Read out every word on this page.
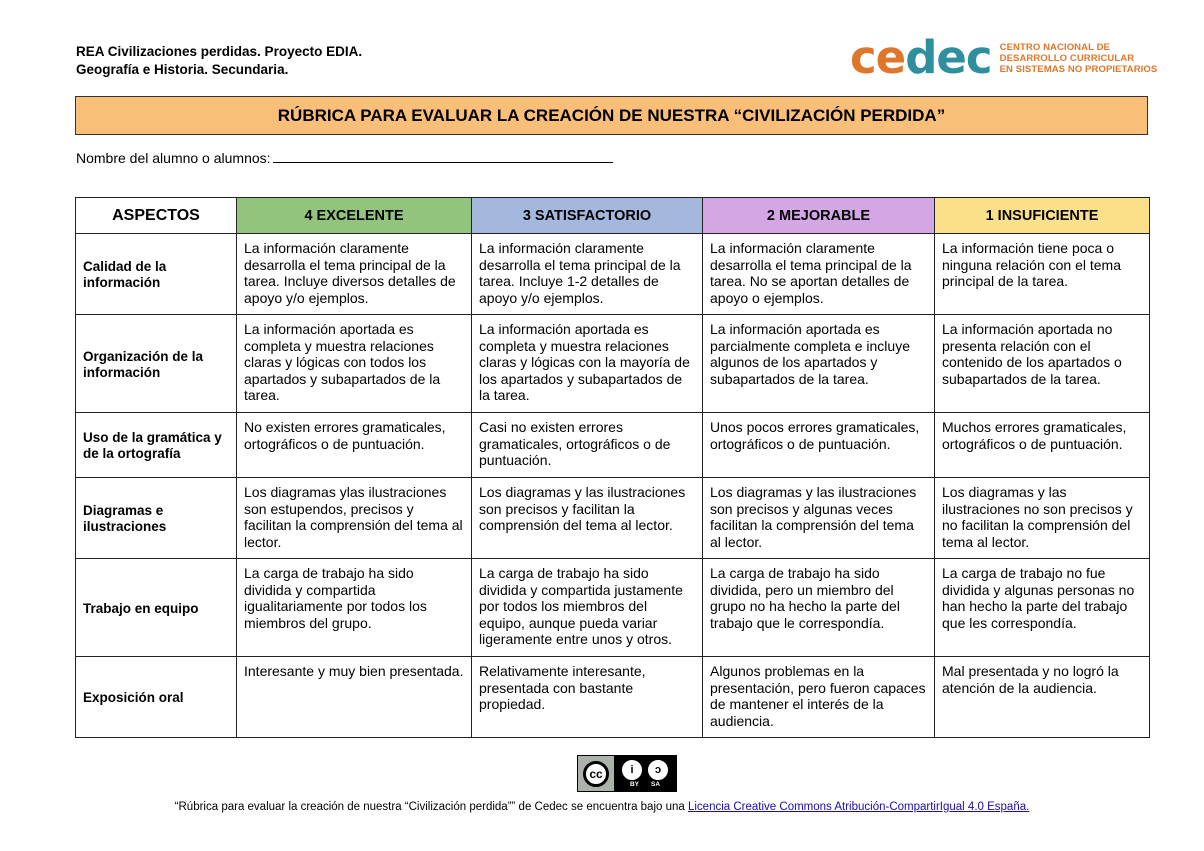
REA Civilizaciones perdidas. Proyecto EDIA.
Geografía e Historia. Secundaria.	cedec CENTRO NACIONAL DE
DESARROLLO CURRICULAR
EN SISTEMAS NO PROPIETARIOS
RÚBRICA PARA EVALUAR LA CREACIÓN DE NUESTRA “CIVILIZACIÓN PERDIDA”
Nombre del alumno o alumnos:
ASPECTOS	4 EXCELENTE	3 SATISFACTORIO	2 MEJORABLE	1 INSUFICIENTE
Calidad de la información	La información claramente desarrolla el tema principal de la tarea. Incluye diversos detalles de apoyo y/o ejemplos.	La información claramente desarrolla el tema principal de la tarea. Incluye 1-2 detalles de apoyo y/o ejemplos.	La información claramente desarrolla el tema principal de la tarea. No se aportan detalles de apoyo o ejemplos.	La información tiene poca o ninguna relación con el tema principal de la tarea.
Organización de la información	La información aportada es completa y muestra relaciones claras y lógicas con todos los apartados y subapartados de la tarea.	La información aportada es completa y muestra relaciones claras y lógicas con la mayoría de los apartados y subapartados de la tarea.	La información aportada es parcialmente completa e incluye algunos de los apartados y subapartados de la tarea.	La información aportada no presenta relación con el contenido de los apartados o subapartados de la tarea.
Uso de la gramática y de la ortografía	No existen errores gramaticales, ortográficos o de puntuación.	Casi no existen errores gramaticales, ortográficos o de puntuación.	Unos pocos errores gramaticales, ortográficos o de puntuación.	Muchos errores gramaticales, ortográficos o de puntuación.
Diagramas e ilustraciones	Los diagramas ylas ilustraciones son estupendos, precisos y facilitan la comprensión del tema al lector.	Los diagramas y las ilustraciones son precisos y facilitan la comprensión del tema al lector.	Los diagramas y las ilustraciones son precisos y algunas veces facilitan la comprensión del tema al lector.	Los diagramas y las ilustraciones no son precisos y no facilitan la comprensión del tema al lector.
Trabajo en equipo	La carga de trabajo ha sido dividida y compartida igualitariamente por todos los miembros del grupo.	La carga de trabajo ha sido dividida y compartida justamente por todos los miembros del equipo, aunque pueda variar ligeramente entre unos y otros.	La carga de trabajo ha sido dividida, pero un miembro del grupo no ha hecho la parte del trabajo que le correspondía.	La carga de trabajo no fue dividida y algunas personas no han hecho la parte del trabajo que les correspondía.
Exposición oral	Interesante y muy bien presentada.	Relativamente interesante, presentada con bastante propiedad.	Algunos problemas en la presentación, pero fueron capaces de mantener el interés de la audiencia.	Mal presentada y no logró la atención de la audiencia.
cc	i	ↄ
BY SA
“Rúbrica para evaluar la creación de nuestra “Civilización perdida”” de Cedec se encuentra bajo una Licencia Creative Commons Atribución-CompartirIgual 4.0 España.
